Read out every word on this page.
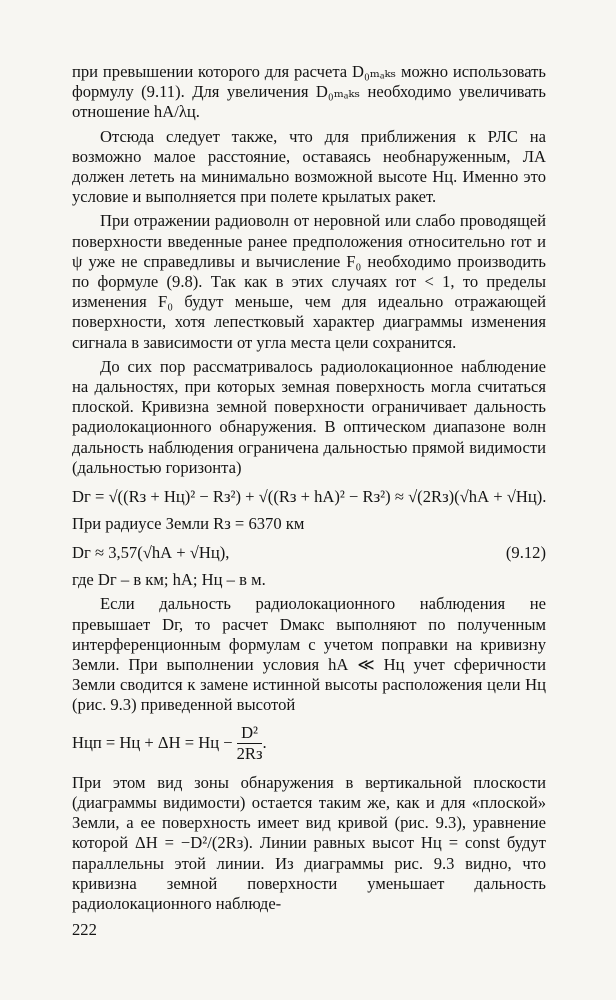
при превышении которого для расчета D₀ₘₐₖₛ можно использовать формулу (9.11). Для увеличения D₀ₘₐₖₛ необходимо увеличивать отношение hА/λц.

Отсюда следует также, что для приближения к РЛС на возможно малое расстояние, оставаясь необнаруженным, ЛА должен лететь на минимально возможной высоте Hц. Именно это условие и выполняется при полете крылатых ракет.

При отражении радиоволн от неровной или слабо проводящей поверхности введенные ранее предположения относительно rот и ψ уже не справедливы и вычисление F₀ необходимо производить по формуле (9.8). Так как в этих случаях rот < 1, то пределы изменения F₀ будут меньше, чем для идеально отражающей поверхности, хотя лепестковый характер диаграммы изменения сигнала в зависимости от угла места цели сохранится.

До сих пор рассматривалось радиолокационное наблюдение на дальностях, при которых земная поверхность могла считаться плоской. Кривизна земной поверхности ограничивает дальность радиолокационного обнаружения. В оптическом диапазоне волн дальность наблюдения ограничена дальностью прямой видимости (дальностью горизонта)

Dг = √((Rз + Hц)² − Rз²) + √((Rз + hА)² − Rз²) ≈ √(2Rз)(√hА + √Hц).

При радиусе Земли Rз = 6370 км

Dг ≈ 3,57(√hА + √Hц),	(9.12)

где Dг – в км; hА; Hц – в м.

Если дальность радиолокационного наблюдения не превышает Dг, то расчет Dмакс выполняют по полученным интерференционным формулам с учетом поправки на кривизну Земли. При выполнении условия hА ≪ Hц учет сферичности Земли сводится к замене истинной высоты расположения цели Hц (рис. 9.3) приведенной высотой

Hцп = Hц + ΔH = Hц − $\frac{\text{D²}}{2Rз}$ .

При этом вид зоны обнаружения в вертикальной плоскости (диаграммы видимости) остается таким же, как и для «плоской» Земли, а ее поверхность имеет вид кривой (рис. 9.3), уравнение которой ΔH = −D²/(2Rз). Линии равных высот Hц = const будут параллельны этой линии. Из диаграммы рис. 9.3 видно, что кривизна земной поверхности уменьшает дальность радиолокационного наблюде-

222
